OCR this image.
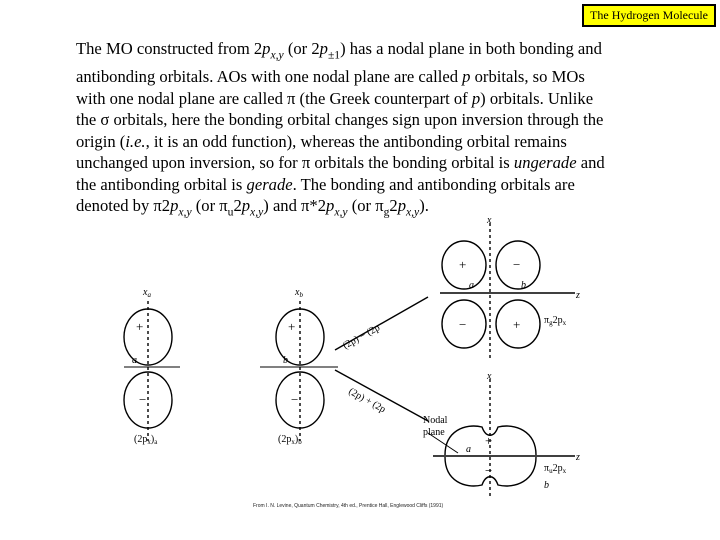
The Hydrogen Molecule
The MO constructed from $2p_{x,y}$ (or $2p_{\pm 1}$) has a nodal plane in both bonding and
antibonding orbitals. AOs with one nodal plane are called p orbitals, so MOs
with one nodal plane are called π (the Greek counterpart of p) orbitals. Unlike
the σ orbitals, here the bonding orbital changes sign upon inversion through the
origin (i.e., it is an odd function), whereas the antibonding orbital remains
unchanged upon inversion, so for π orbitals the bonding orbital is ungerade and
the antibonding orbital is gerade. The bonding and antibonding orbitals are
denoted by $\pi 2p_{x,y}$ (or $\pi_u2p_{x,y}$) and $\pi*2p_{x,y}$ (or $\pi_g2p_{x,y}$).
$x_a$	$x_b$
a	b
a	b
a
b
z
z
x
x
+
−
+
−
+	−
−	+
+
−
$(2p_x)_a$	$(2p_x)_b$
(2p) − (2p
(2p) + (2p
$\pi_g2p_x$
$\pi_u2p_x$
Nodal
plane
From I. N. Levine, Quantum Chemistry, 4th ed., Prentice Hall, Englewood Cliffs (1991)
